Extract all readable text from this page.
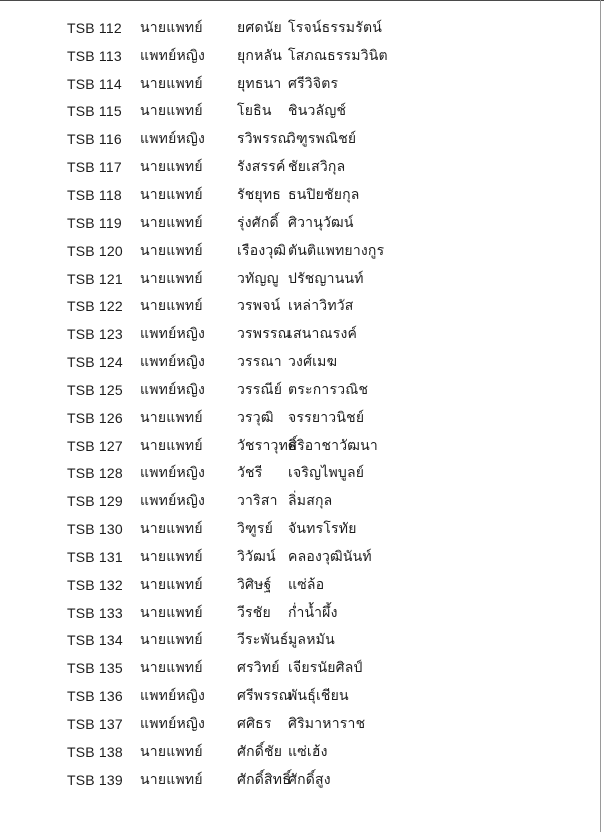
TSB 112 นายแพทย์ ยศดนัย โรจน์ธรรมรัตน์
TSB 113 แพทย์หญิง ยุกหลัน โสภณธรรมวินิต
TSB 114 นายแพทย์ ยุทธนา ศรีวิจิตร
TSB 115 นายแพทย์ โยธิน ชินวลัญช์
TSB 116 แพทย์หญิง รวิพรรณ
วิฑูรพณิชย์
TSB 117 นายแพทย์ รังสรรค์ ชัยเสวิกุล
TSB 118 นายแพทย์ รัชยุทธ ธนปิยชัยกุล
TSB 119 นายแพทย์ รุ่งศักดิ์ ศิวานุวัฒน์
TSB 120 นายแพทย์ เรืองวุฒิ ตันติแพทยางกูร
TSB 121 นายแพทย์ วทัญญู ปรัชญานนท์
TSB 122 นายแพทย์ วรพจน์ เหล่าวิทวัส
TSB 123 แพทย์หญิง วรพรรณ
เสนาณรงค์
TSB 124 แพทย์หญิง วรรณา วงศ์เมฆ
TSB 125 แพทย์หญิง วรรณีย์ ตระการวณิช
TSB 126 นายแพทย์ วรวุฒิ จรรยาวนิชย์
TSB 127 นายแพทย์ วัชราวุทธิ์
ศิริอาชาวัฒนา
TSB 128 แพทย์หญิง วัชรี เจริญไพบูลย์
TSB 129 แพทย์หญิง วาริสา ลิ่มสกุล
TSB 130 นายแพทย์ วิฑูรย์ จันทรโรทัย
TSB 131 นายแพทย์ วิวัฒน์ คลองวุฒินันท์
TSB 132 นายแพทย์ วิศิษฐ์ แซ่ล้อ
TSB 133 นายแพทย์ วีรชัย ก่ำน้ำผึ้ง
TSB 134 นายแพทย์ วีระพันธ์ มูลหมัน
TSB 135 นายแพทย์ ศรวิทย์ เจียรนัยศิลป์
TSB 136 แพทย์หญิง ศรีพรรณ
พันธุ์เชียน
TSB 137 แพทย์หญิง ศศิธร ศิริมาหาราช
TSB 138 นายแพทย์ ศักดิ์ชัย แซ่เฮ้ง
TSB 139 นายแพทย์ ศักดิ์สิทธิ์
ศักดิ์สูง
